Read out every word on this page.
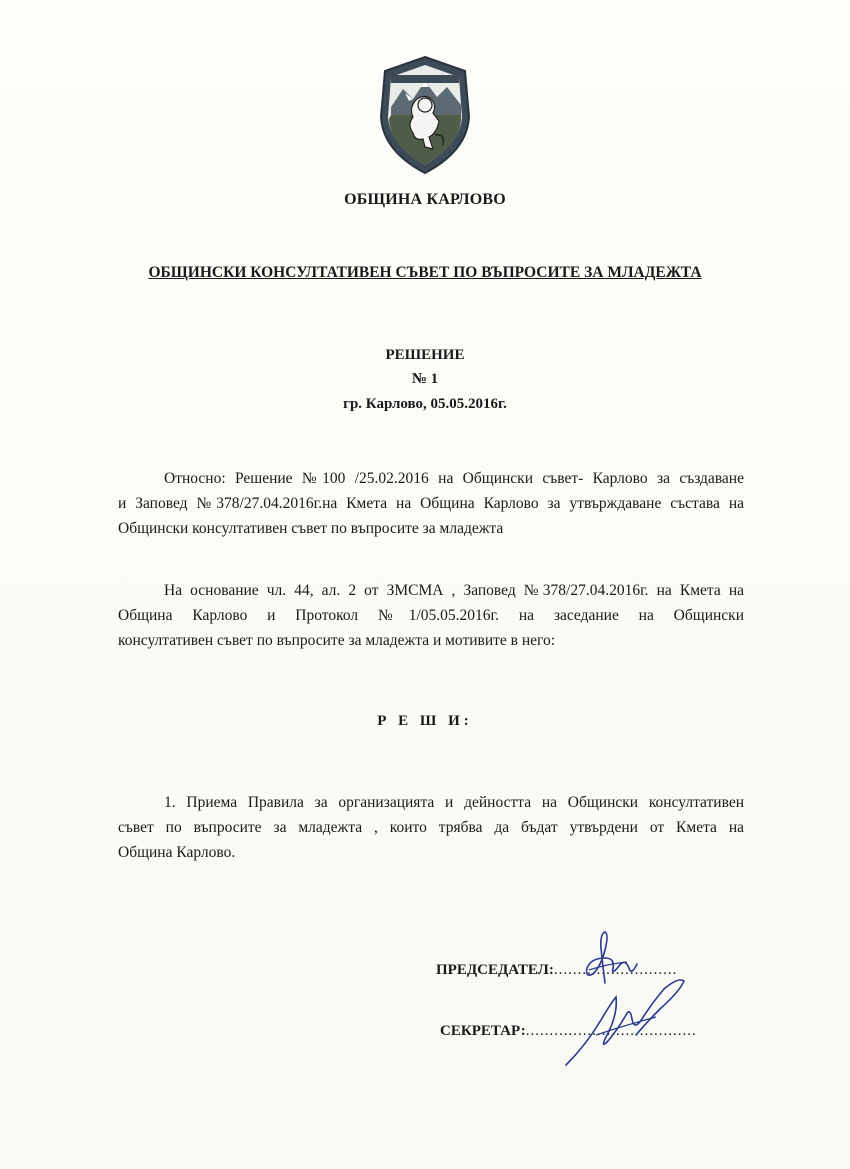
ОБЩИНА КАРЛОВО
ОБЩИНСКИ КОНСУЛТАТИВЕН СЪВЕТ ПО ВЪПРОСИТЕ ЗА МЛАДЕЖТА
РЕШЕНИЕ
№ 1
гр. Карлово, 05.05.2016г.
Относно: Решение №100 /25.02.2016 на Общински съвет- Карлово за създаване
и Заповед №378/27.04.2016г.на Кмета на Община Карлово за утвърждаване състава на
Общински консултативен съвет по въпросите за младежта
На основание чл. 44, ал. 2 от ЗМСМА , Заповед №378/27.04.2016г. на Кмета на
Община Карлово и Протокол №1/05.05.2016г. на заседание на Общински
консултативен съвет по въпросите за младежта и мотивите в него:
Р Е Ш И:
1. Приема Правила за организацията и дейността на Общински консултативен
съвет по въпросите за младежта , които трябва да бъдат утвърдени от Кмета на
Община Карлово.
ПРЕДСЕДАТЕЛ:..........................
СЕКРЕТАР:....................................
